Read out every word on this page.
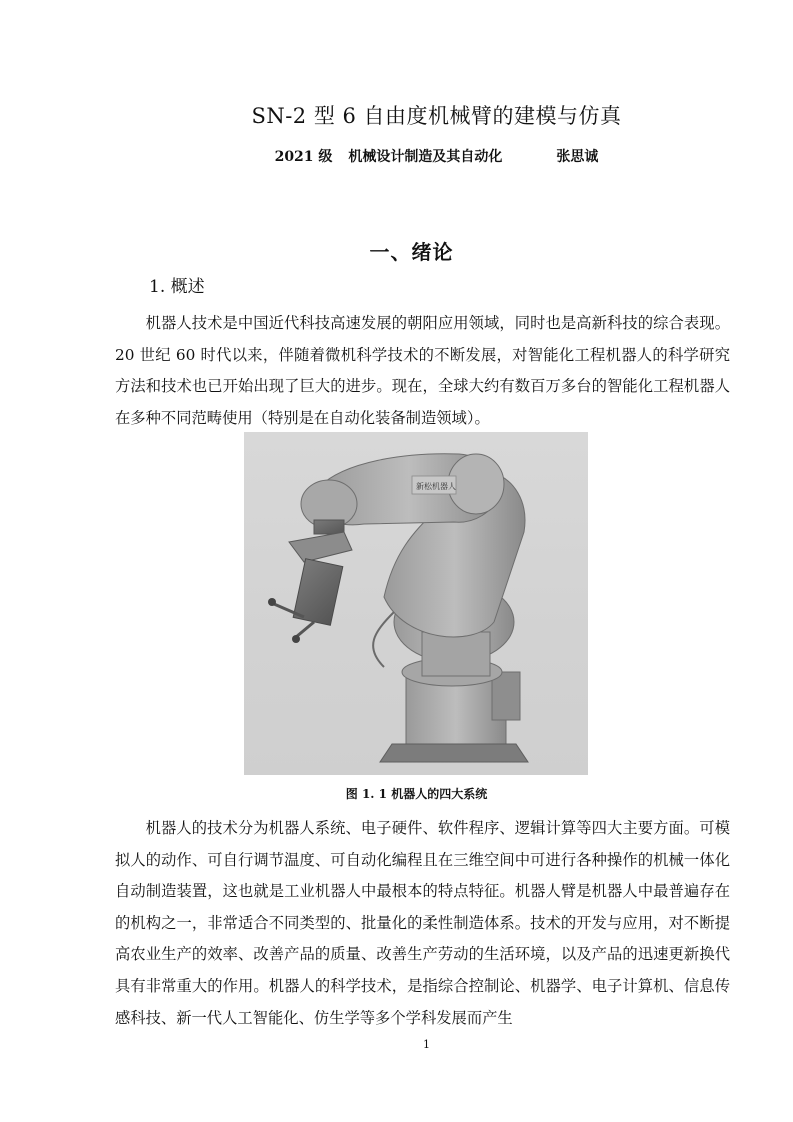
SN-2 型 6 自由度机械臂的建模与仿真
2021 级 机械设计制造及其自动化	张思诚
一、绪论
1. 概述

机器人技术是中国近代科技高速发展的朝阳应用领域，同时也是高新科技的综合表现。20 世纪 60 时代以来，伴随着微机科学技术的不断发展，对智能化工程机器人的科学研究方法和技术也已开始出现了巨大的进步。现在，全球大约有数百万多台的智能化工程机器人在多种不同范畴使用（特别是在自动化装备制造领域）。

新松机器人
图 1. 1 机器人的四大系统

机器人的技术分为机器人系统、电子硬件、软件程序、逻辑计算等四大主要方面。可模拟人的动作、可自行调节温度、可自动化编程且在三维空间中可进行各种操作的机械一体化自动制造装置，这也就是工业机器人中最根本的特点特征。机器人臂是机器人中最普遍存在的机构之一，非常适合不同类型的、批量化的柔性制造体系。技术的开发与应用，对不断提高农业生产的效率、改善产品的质量、改善生产劳动的生活环境，以及产品的迅速更新换代具有非常重大的作用。机器人的科学技术，是指综合控制论、机器学、电子计算机、信息传感科技、新一代人工智能化、仿生学等多个学科发展而产生

1
